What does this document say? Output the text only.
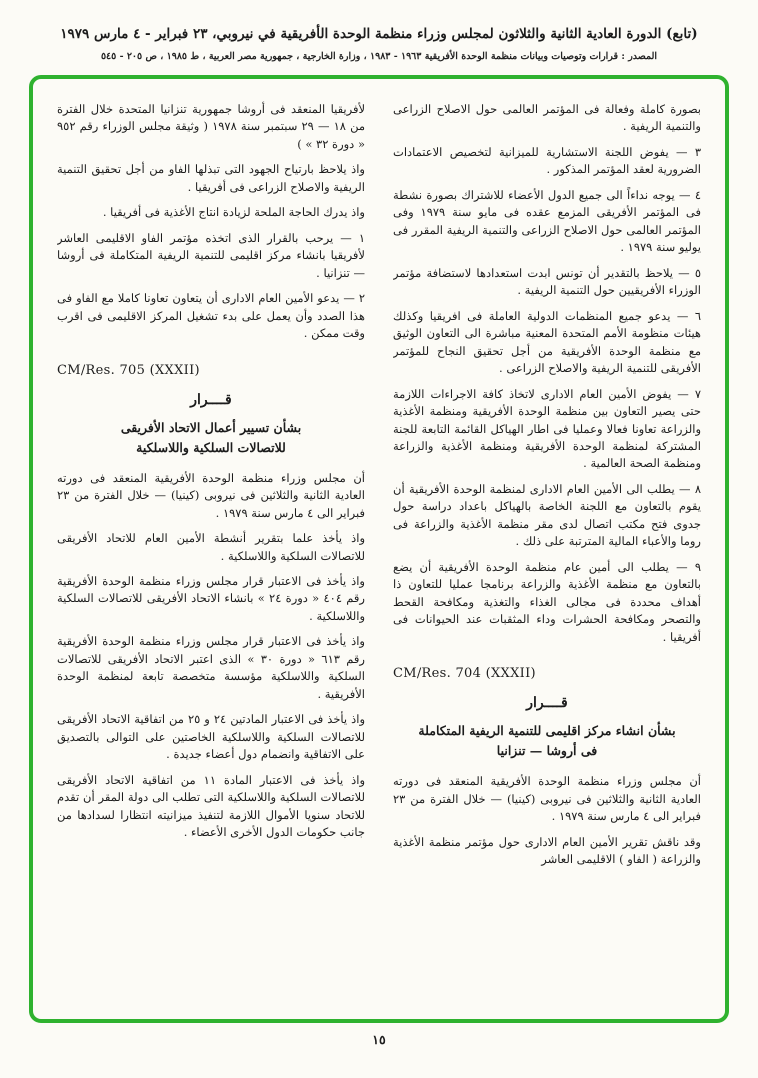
(تابع) الدورة العادية الثانية والثلاثون لمجلس وزراء منظمة الوحدة الأفريقية في نيروبي، ٢٣ فبراير - ٤ مارس ١٩٧٩
المصدر : قرارات وتوصيات وبيانات منظمة الوحدة الأفريقية ١٩٦٣ - ١٩٨٣ ، وزارة الخارجية ، جمهورية مصر العربية ، ط ١٩٨٥ ، ص ٢٠٥ - ٥٤٥

بصورة كاملة وفعالة فى المؤتمر العالمى حول الاصلاح الزراعى والتنمية الريفية .

٣ — يفوض اللجنة الاستشارية للميزانية لتخصيص الاعتمادات الضرورية لعقد المؤتمر المذكور .

٤ — يوجه نداءاً الى جميع الدول الأعضاء للاشتراك بصورة نشطة فى المؤتمر الأفريقى المزمع عقده فى مايو سنة ١٩٧٩ وفى المؤتمر العالمى حول الاصلاح الزراعى والتنمية الريفية المقرر فى يوليو سنة ١٩٧٩ .

٥ — يلاحظ بالتقدير أن تونس ابدت استعدادها لاستضافة مؤتمر الوزراء الأفريقيين حول التنمية الريفية .

٦ — يدعو جميع المنظمات الدولية العاملة فى افريقيا وكذلك هيئات منظومة الأمم المتحدة المعنية مباشرة الى التعاون الوثيق مع منظمة الوحدة الأفريقية من أجل تحقيق النجاح للمؤتمر الأفريقى للتنمية الريفية والاصلاح الزراعى .

٧ — يفوض الأمين العام الادارى لاتخاذ كافة الاجراءات اللازمة حتى يصير التعاون بين منظمة الوحدة الأفريقية ومنظمة الأغذية والزراعة تعاونا فعالا وعمليا فى اطار الهياكل القائمة التابعة للجنة المشتركة لمنظمة الوحدة الأفريقية ومنظمة الأغذية والزراعة ومنظمة الصحة العالمية .

٨ — يطلب الى الأمين العام الادارى لمنظمة الوحدة الأفريقية أن يقوم بالتعاون مع اللجنة الخاصة بالهياكل باعداد دراسة حول جدوى فتح مكتب اتصال لدى مقر منظمة الأغذية والزراعة فى روما والأعباء المالية المترتبة على ذلك .

٩ — يطلب الى أمين عام منظمة الوحدة الأفريقية أن يضع بالتعاون مع منظمة الأغذية والزراعة برنامجا عمليا للتعاون ذا أهداف محددة فى مجالى الغذاء والتغذية ومكافحة القحط والتصحر ومكافحة الحشرات وداء المثقبات عند الحيوانات فى أفريقيا .

CM/Res. 704 (XXXII)
قــــرار
بشأن انشاء مركز اقليمى للتنمية الريفية المتكاملة
فى أروشا — تنزانيا

أن مجلس وزراء منظمة الوحدة الأفريقية المنعقد فى دورته العادية الثانية والثلاثين فى نيروبى (كينيا) — خلال الفترة من ٢٣ فبراير الى ٤ مارس سنة ١٩٧٩ .

وقد ناقش تقرير الأمين العام الادارى حول مؤتمر منظمة الأغذية والزراعة ( الفاو ) الاقليمى العاشر

لأفريقيا المنعقد فى أروشا جمهورية تنزانيا المتحدة خلال الفترة من ١٨ — ٢٩ سبتمبر سنة ١٩٧٨ ( وثيقة مجلس الوزراء رقم ٩٥٢ « دورة ٣٢ » )

واذ يلاحظ بارتياح الجهود التى تبذلها الفاو من أجل تحقيق التنمية الريفية والاصلاح الزراعى فى أفريقيا .

واذ يدرك الحاجة الملحة لزيادة انتاج الأغذية فى أفريقيا .

١ — يرحب بالقرار الذى اتخذه مؤتمر الفاو الاقليمى العاشر لأفريقيا بانشاء مركز اقليمى للتنمية الريفية المتكاملة فى أروشا — تنزانيا .

٢ — يدعو الأمين العام الادارى أن يتعاون تعاونا كاملا مع الفاو فى هذا الصدد وأن يعمل على بدء تشغيل المركز الاقليمى فى اقرب وقت ممكن .

CM/Res. 705 (XXXII)
قــــرار
بشأن تسيير أعمال الاتحاد الأفريقى
للاتصالات السلكية واللاسلكية

أن مجلس وزراء منظمة الوحدة الأفريقية المنعقد فى دورته العادية الثانية والثلاثين فى نيروبى (كينيا) — خلال الفترة من ٢٣ فبراير الى ٤ مارس سنة ١٩٧٩ .

واذ يأخذ علما بتقرير أنشطة الأمين العام للاتحاد الأفريقى للاتصالات السلكية واللاسلكية .

واذ يأخذ فى الاعتبار قرار مجلس وزراء منظمة الوحدة الأفريقية رقم ٤٠٤ « دورة ٢٤ » بانشاء الاتحاد الأفريقى للاتصالات السلكية واللاسلكية .

واذ يأخذ فى الاعتبار قرار مجلس وزراء منظمة الوحدة الأفريقية رقم ٦١٣ « دورة ٣٠ » الذى اعتبر الاتحاد الأفريقى للاتصالات السلكية واللاسلكية مؤسسة متخصصة تابعة لمنظمة الوحدة الأفريقية .

واذ يأخذ فى الاعتبار المادتين ٢٤ و ٢٥ من اتفاقية الاتحاد الأفريقى للاتصالات السلكية واللاسلكية الخاصتين على التوالى بالتصديق على الاتفاقية وانضمام دول أعضاء جديدة .

واذ يأخذ فى الاعتبار المادة ١١ من اتفاقية الاتحاد الأفريقى للاتصالات السلكية واللاسلكية التى تطلب الى دولة المقر أن تقدم للاتحاد سنويا الأموال اللازمة لتنفيذ ميزانيته انتظارا لسدادها من جانب حكومات الدول الأخرى الأعضاء .

١٥
